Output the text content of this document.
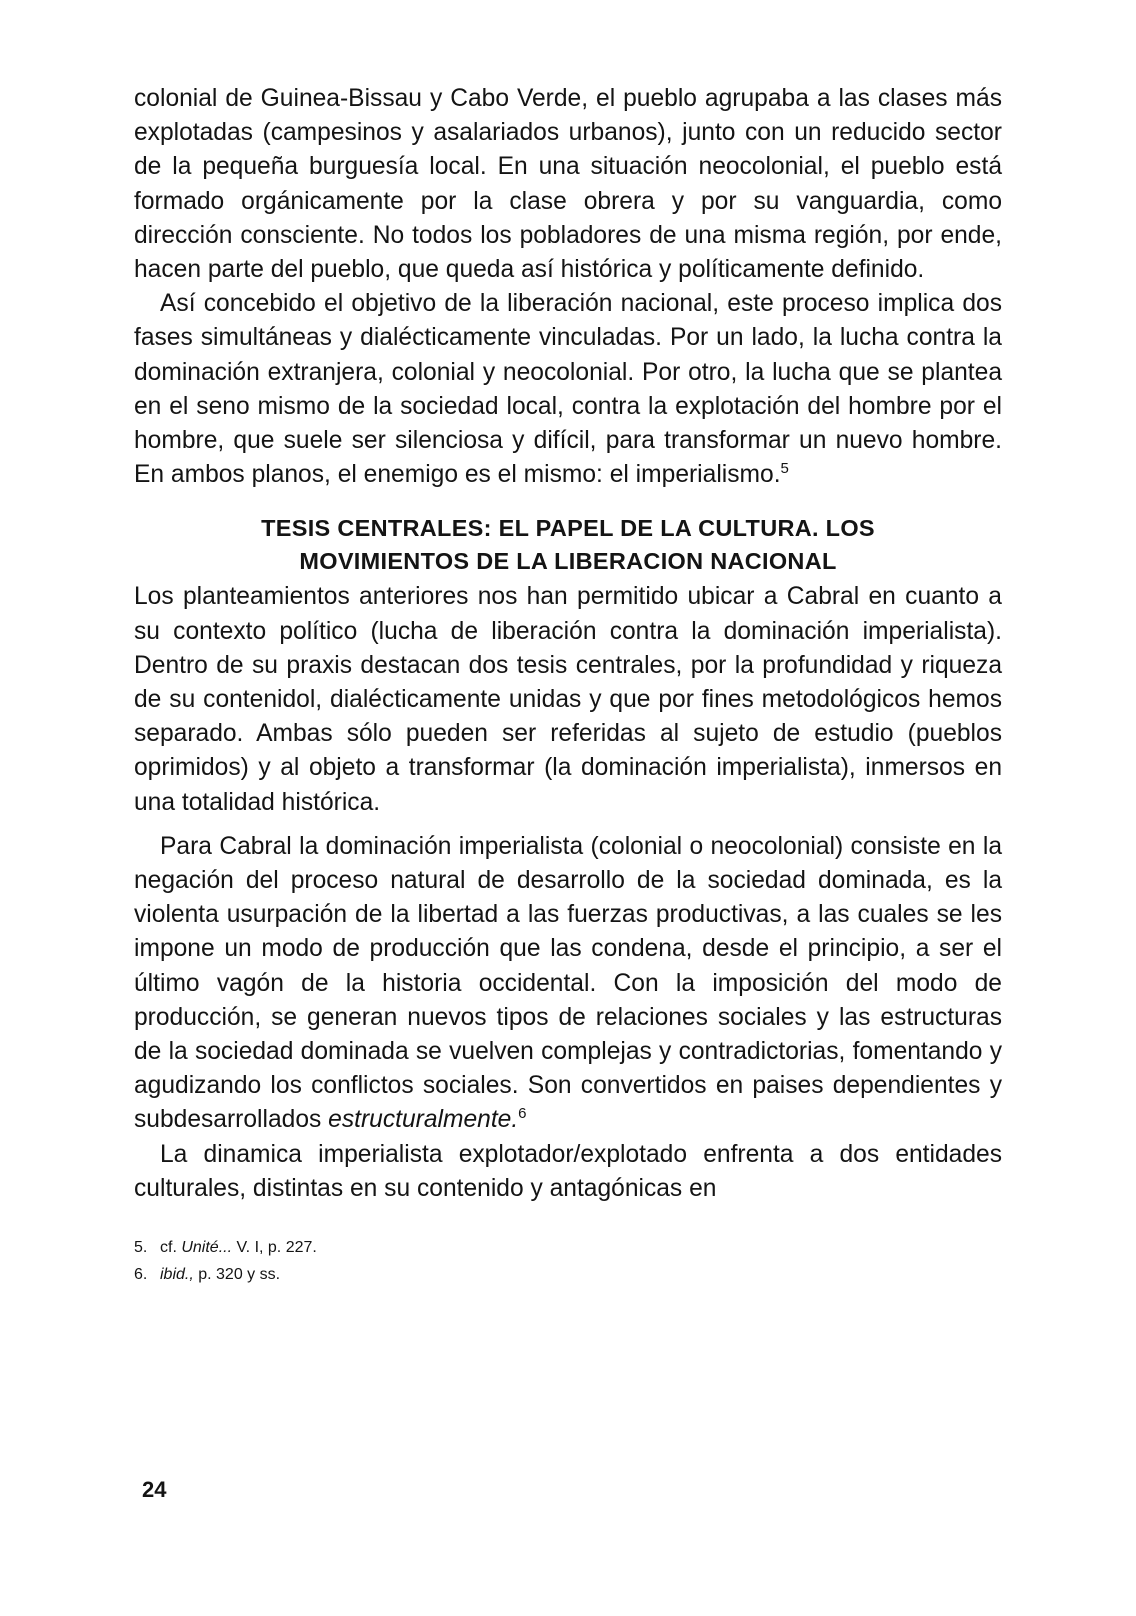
colonial de Guinea-Bissau y Cabo Verde, el pueblo agrupaba a las clases más explotadas (campesinos y asalariados urbanos), junto con un reducido sector de la pequeña burguesía local. En una situación neocolonial, el pueblo está formado orgánicamente por la clase obrera y por su vanguardia, como dirección consciente. No todos los pobladores de una misma región, por ende, hacen parte del pueblo, que queda así histórica y políticamente definido.

Así concebido el objetivo de la liberación nacional, este proceso implica dos fases simultáneas y dialécticamente vinculadas. Por un lado, la lucha contra la dominación extranjera, colonial y neocolonial. Por otro, la lucha que se plantea en el seno mismo de la sociedad local, contra la explotación del hombre por el hombre, que suele ser silenciosa y difícil, para transformar un nuevo hombre. En ambos planos, el enemigo es el mismo: el imperialismo.$^5$

TESIS CENTRALES: EL PAPEL DE LA CULTURA. LOS
MOVIMIENTOS DE LA LIBERACION NACIONAL

Los planteamientos anteriores nos han permitido ubicar a Cabral en cuanto a su contexto político (lucha de liberación contra la dominación imperialista). Dentro de su praxis destacan dos tesis centrales, por la profundidad y riqueza de su contenidol, dialécticamente unidas y que por fines metodológicos hemos separado. Ambas sólo pueden ser referidas al sujeto de estudio (pueblos oprimidos) y al objeto a transformar (la dominación imperialista), inmersos en una totalidad histórica.

Para Cabral la dominación imperialista (colonial o neocolonial) consiste en la negación del proceso natural de desarrollo de la sociedad dominada, es la violenta usurpación de la libertad a las fuerzas productivas, a las cuales se les impone un modo de producción que las condena, desde el principio, a ser el último vagón de la historia occidental. Con la imposición del modo de producción, se generan nuevos tipos de relaciones sociales y las estructuras de la sociedad dominada se vuelven complejas y contradictorias, fomentando y agudizando los conflictos sociales. Son convertidos en paises dependientes y subdesarrollados estructuralmente.$^6$

La dinamica imperialista explotador/explotado enfrenta a dos entidades culturales, distintas en su contenido y antagónicas en

5. cf. Unité... V. I, p. 227.
6. ibid., p. 320 y ss.
24
